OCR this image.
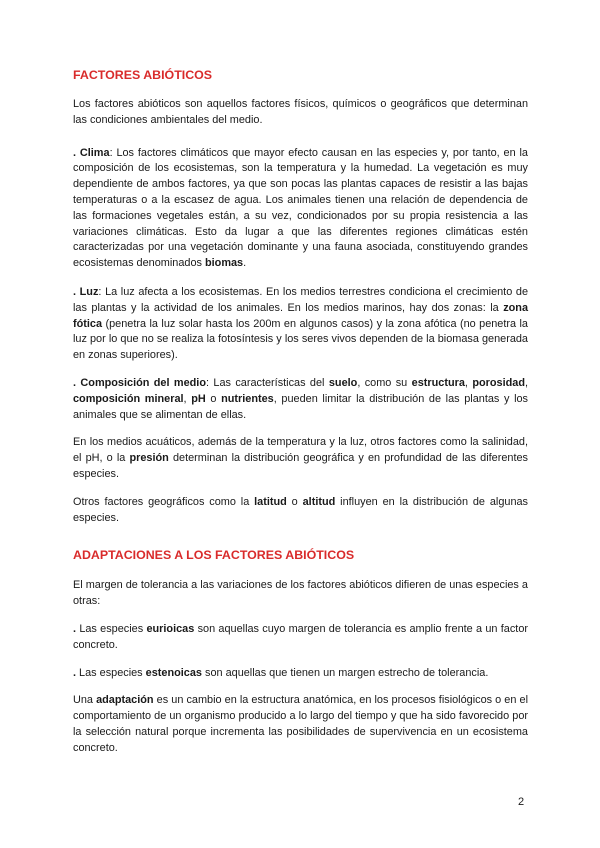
FACTORES ABIÓTICOS

Los factores abióticos son aquellos factores físicos, químicos o geográficos que determinan las condiciones ambientales del medio.

. Clima: Los factores climáticos que mayor efecto causan en las especies y, por tanto, en la composición de los ecosistemas, son la temperatura y la humedad. La vegetación es muy dependiente de ambos factores, ya que son pocas las plantas capaces de resistir a las bajas temperaturas o a la escasez de agua. Los animales tienen una relación de dependencia de las formaciones vegetales están, a su vez, condicionados por su propia resistencia a las variaciones climáticas. Esto da lugar a que las diferentes regiones climáticas estén caracterizadas por una vegetación dominante y una fauna asociada, constituyendo grandes ecosistemas denominados biomas.

. Luz: La luz afecta a los ecosistemas. En los medios terrestres condiciona el crecimiento de las plantas y la actividad de los animales. En los medios marinos, hay dos zonas: la zona fótica (penetra la luz solar hasta los 200m en algunos casos) y la zona afótica (no penetra la luz por lo que no se realiza la fotosíntesis y los seres vivos dependen de la biomasa generada en zonas superiores).

. Composición del medio: Las características del suelo, como su estructura, porosidad, composición mineral, pH o nutrientes, pueden limitar la distribución de las plantas y los animales que se alimentan de ellas.

En los medios acuáticos, además de la temperatura y la luz, otros factores como la salinidad, el pH, o la presión determinan la distribución geográfica y en profundidad de las diferentes especies.

Otros factores geográficos como la latitud o altitud influyen en la distribución de algunas especies.

ADAPTACIONES A LOS FACTORES ABIÓTICOS

El margen de tolerancia a las variaciones de los factores abióticos difieren de unas especies a otras:

. Las especies eurioicas son aquellas cuyo margen de tolerancia es amplio frente a un factor concreto.

. Las especies estenoicas son aquellas que tienen un margen estrecho de tolerancia.

Una adaptación es un cambio en la estructura anatómica, en los procesos fisiológicos o en el comportamiento de un organismo producido a lo largo del tiempo y que ha sido favorecido por la selección natural porque incrementa las posibilidades de supervivencia en un ecosistema concreto.

2
